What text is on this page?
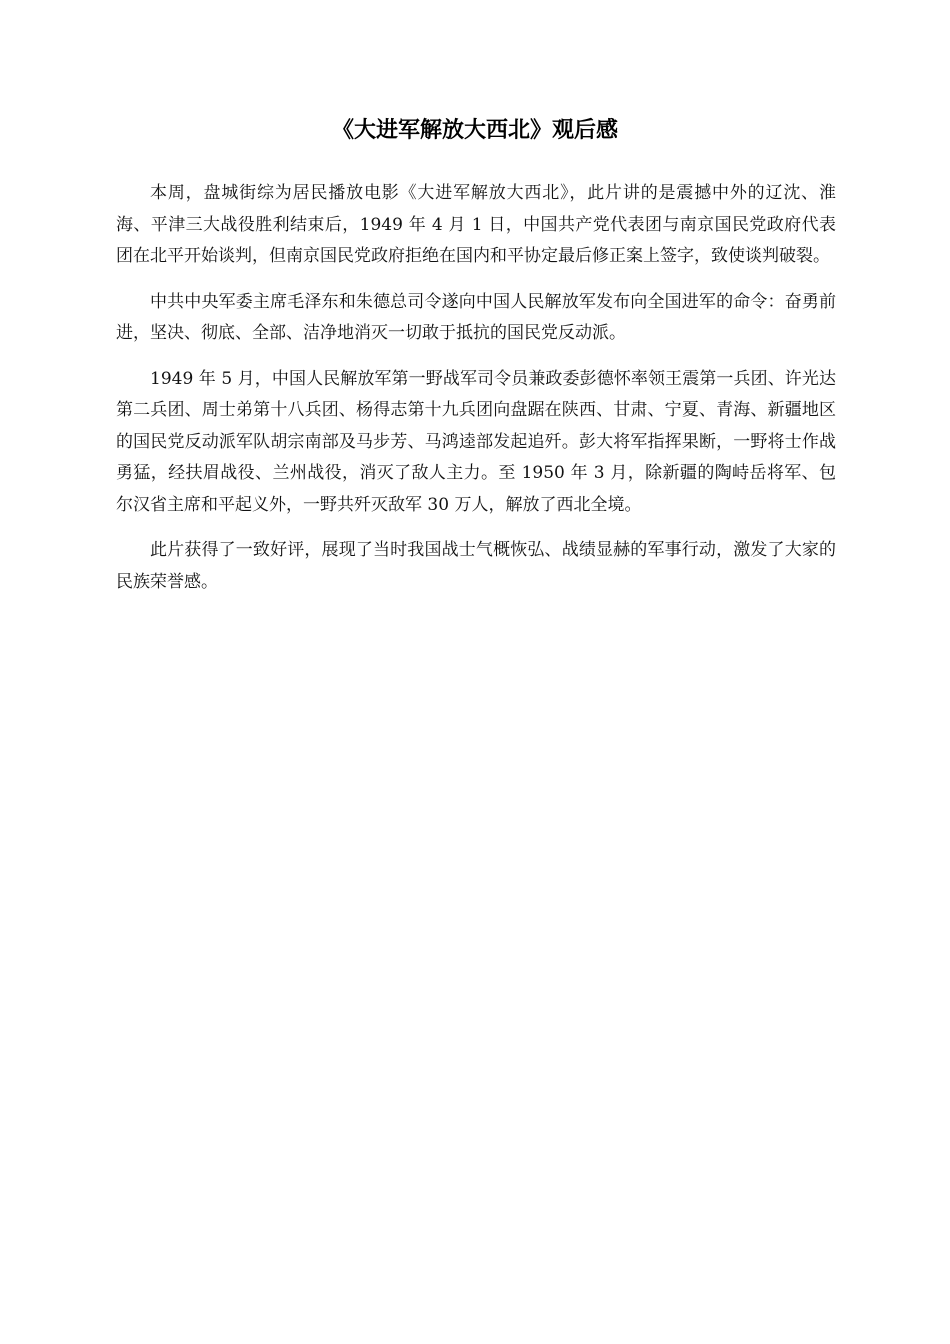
《大进军解放大西北》观后感

本周，盘城街综为居民播放电影《大进军解放大西北》，此片讲的是震撼中外的辽沈、淮海、平津三大战役胜利结束后，1949 年 4 月 1 日，中国共产党代表团与南京国民党政府代表团在北平开始谈判，但南京国民党政府拒绝在国内和平协定最后修正案上签字，致使谈判破裂。

中共中央军委主席毛泽东和朱德总司令遂向中国人民解放军发布向全国进军的命令：奋勇前进，坚决、彻底、全部、洁净地消灭一切敢于抵抗的国民党反动派。

1949 年 5 月，中国人民解放军第一野战军司令员兼政委彭德怀率领王震第一兵团、许光达第二兵团、周士弟第十八兵团、杨得志第十九兵团向盘踞在陕西、甘肃、宁夏、青海、新疆地区的国民党反动派军队胡宗南部及马步芳、马鸿逵部发起追歼。彭大将军指挥果断，一野将士作战勇猛，经扶眉战役、兰州战役，消灭了敌人主力。至 1950 年 3 月，除新疆的陶峙岳将军、包尔汉省主席和平起义外，一野共歼灭敌军 30 万人，解放了西北全境。

此片获得了一致好评，展现了当时我国战士气概恢弘、战绩显赫的军事行动，激发了大家的民族荣誉感。
